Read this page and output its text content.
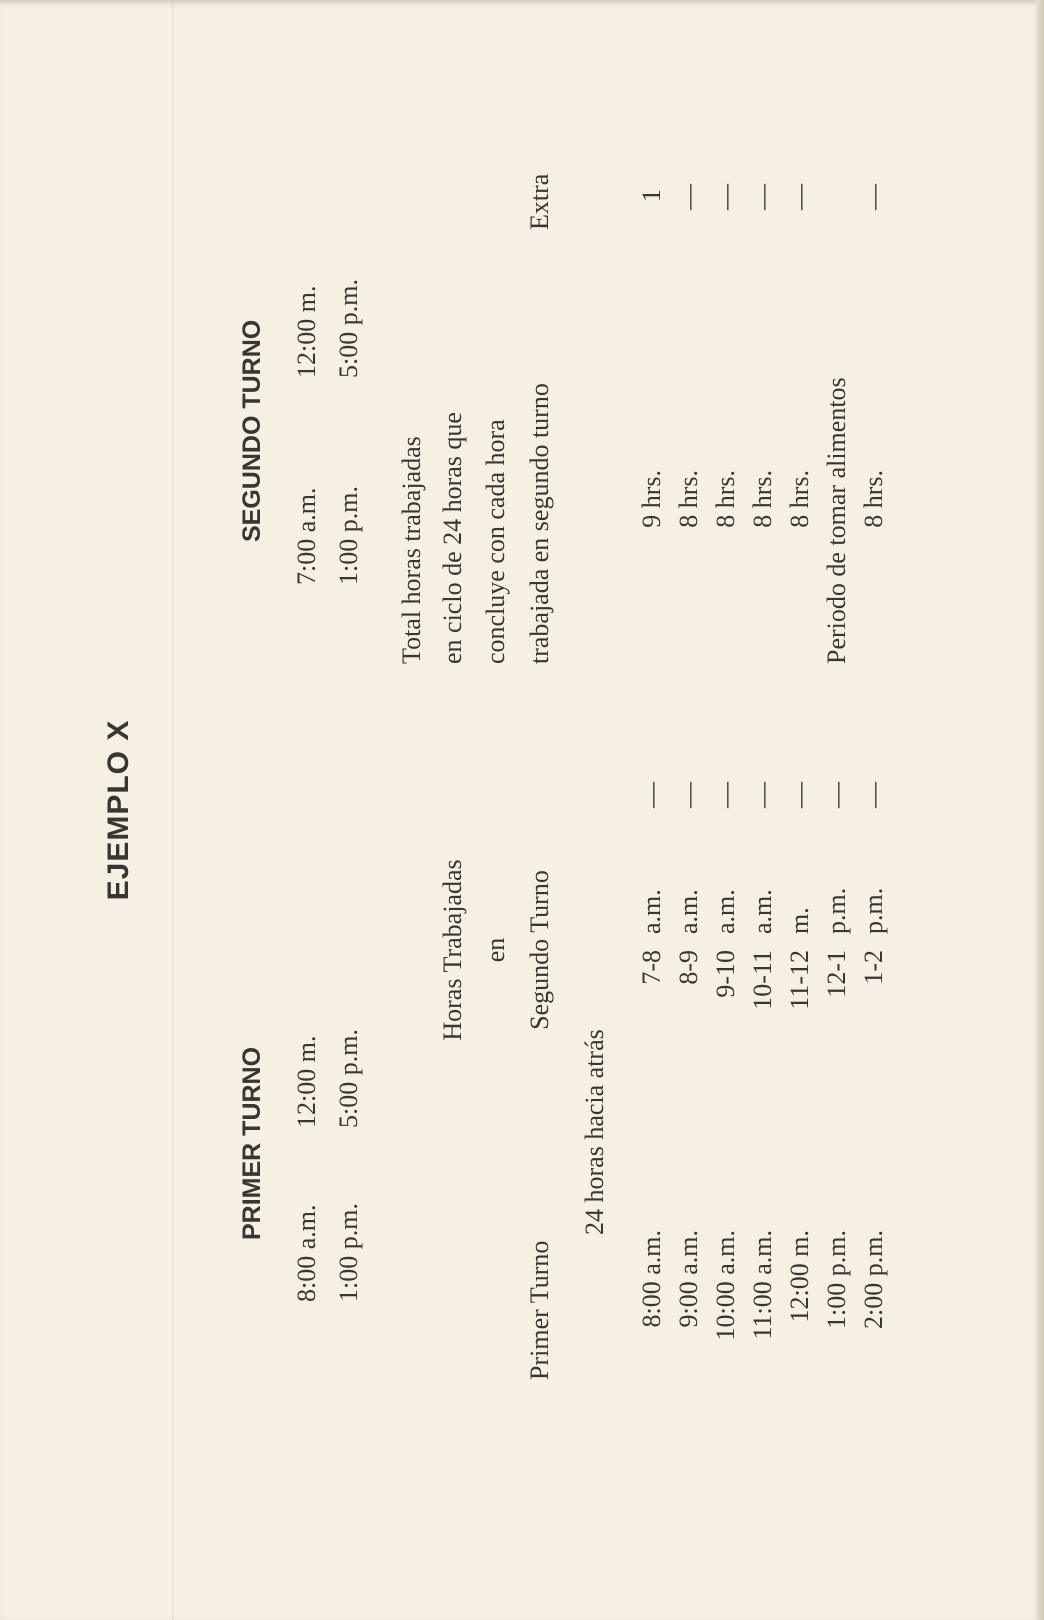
EJEMPLO X
PRIMER TURNO
8:00 a.m.
12:00 m.
1:00 p.m.
5:00 p.m.
SEGUNDO TURNO 7:00 a.m.
12:00 m.
1:00 p.m.
5:00 p.m.
Primer Turno
Horas Trabajadas en Segundo Turno
24 horas hacia atrás
Total horas trabajadas en ciclo de 24 horas que concluye con cada hora trabajada en segundo turno
Extra
8:00 a.m.
7-8
a.m.
—
9 hrs.
1
9:00 a.m.
8-9
a.m.
—
8 hrs.
—
10:00 a.m.
9-10
a.m.
—
8 hrs.
—
11:00 a.m.
10-11
a.m.
—
8 hrs.
—
12:00 m.
11-12
m.
—
8 hrs.
—
1:00 p.m.
12-1
p.m.
—
Periodo de tomar alimentos
2:00 p.m.
1-2
p.m.
—
8 hrs.
—
